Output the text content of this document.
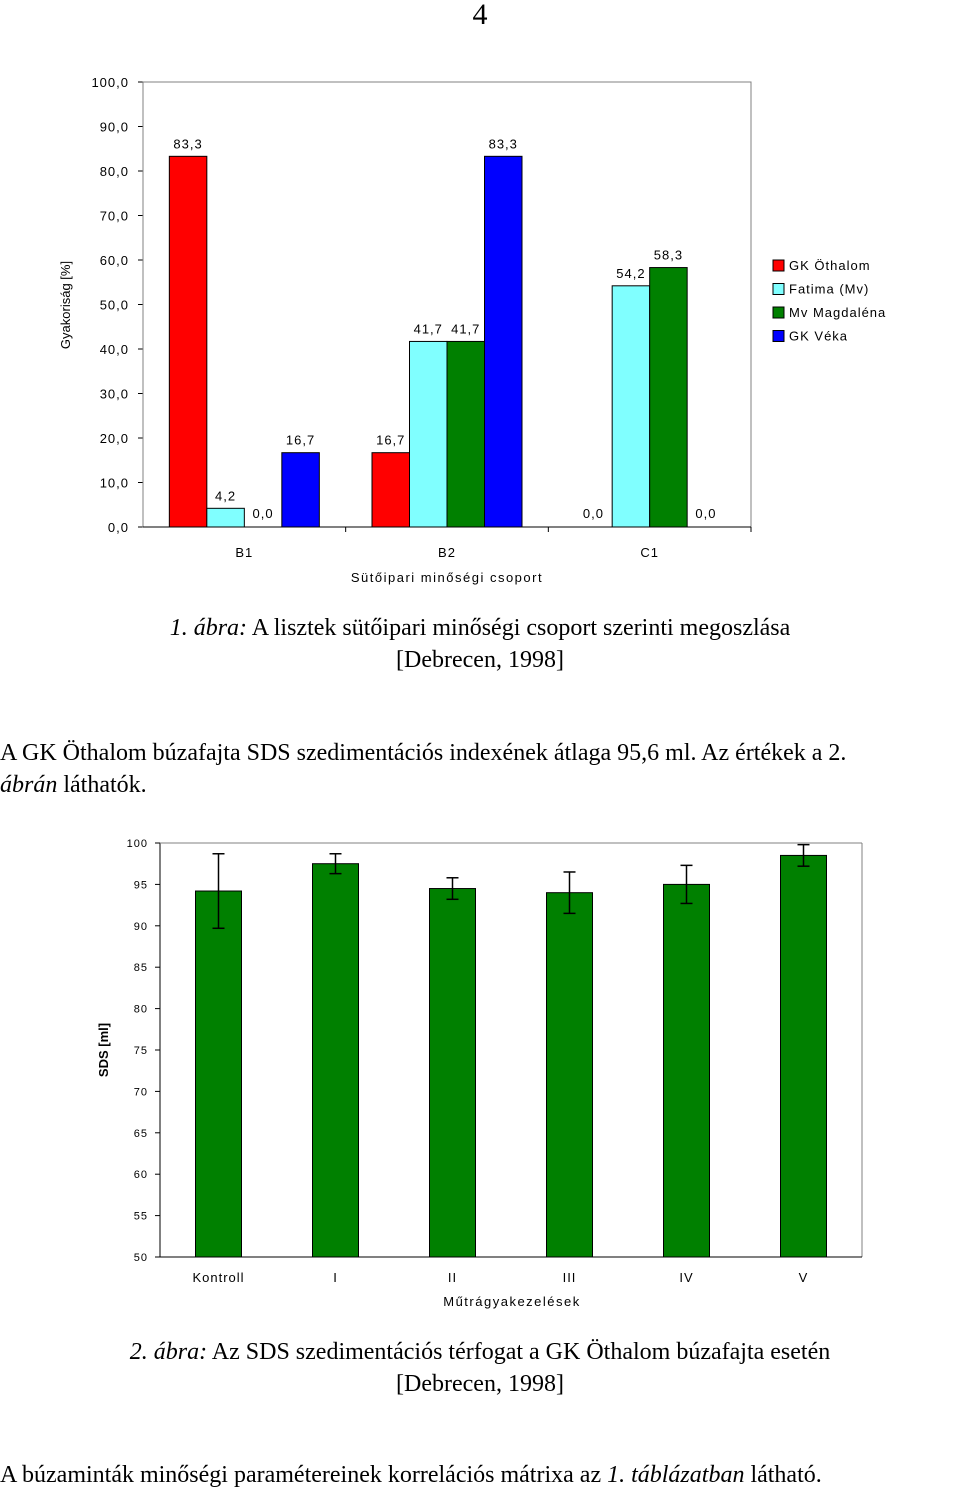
4
Gyakoriság [%]
0,0
10,0
20,0
30,0
40,0
50,0
60,0
70,0
80,0
90,0
100,0
83,3
4,2
0,0
16,7	16,7
41,7 41,7
83,3
0,0
54,2
58,3
0,0
B1	B2	C1
Sütőipari minőségi csoport
GK Öthalom
Fatima (Mv)
Mv Magdaléna
GK Véka
1. ábra: A lisztek sütőipari minőségi csoport szerinti megoszlása
[Debrecen, 1998]
A GK Öthalom búzafajta SDS szedimentációs indexének átlaga 95,6 ml. Az értékek a 2.
ábrán láthatók.
SDS [ml]
50
55
60
65
70
75
80
85
90
95
100
Kontroll	I	II	III	IV	V
Műtrágyakezelések
2. ábra: Az SDS szedimentációs térfogat a GK Öthalom búzafajta esetén
[Debrecen, 1998]
A búzaminták minőségi paramétereinek korrelációs mátrixa az 1. táblázatban látható.
